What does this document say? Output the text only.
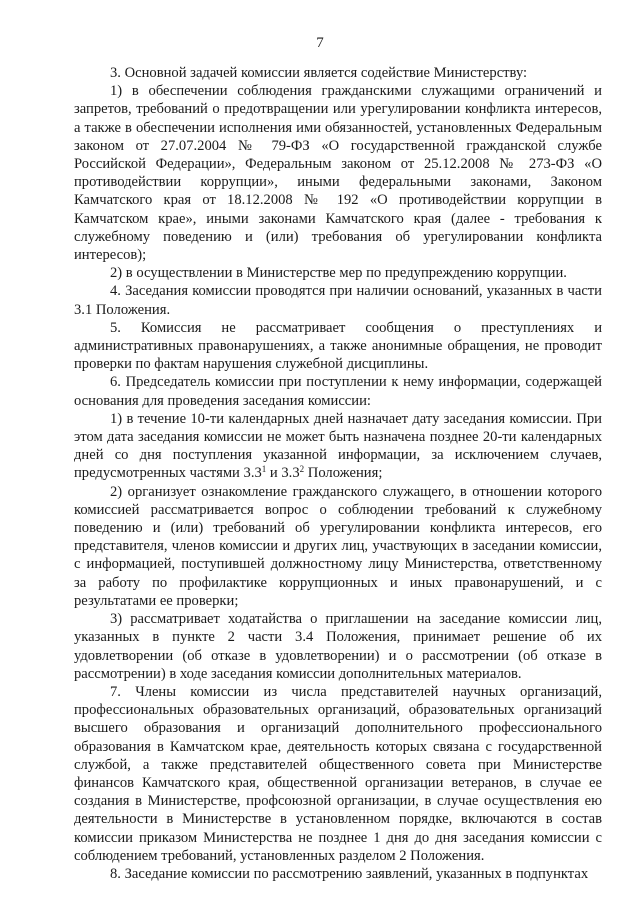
7

3. Основной задачей комиссии является содействие Министерству:

1) в обеспечении соблюдения гражданскими служащими ограничений и запретов, требований о предотвращении или урегулировании конфликта интересов, а также в обеспечении исполнения ими обязанностей, установленных Федеральным законом от 27.07.2004 № 79-ФЗ «О государственной гражданской службе Российской Федерации», Федеральным законом от 25.12.2008 № 273-ФЗ «О противодействии коррупции», иными федеральными законами, Законом Камчатского края от 18.12.2008 № 192 «О противодействии коррупции в Камчатском крае», иными законами Камчатского края (далее - требования к служебному поведению и (или) требования об урегулировании конфликта интересов);

2) в осуществлении в Министерстве мер по предупреждению коррупции.

4. Заседания комиссии проводятся при наличии оснований, указанных в части 3.1 Положения.

5. Комиссия не рассматривает сообщения о преступлениях и административных правонарушениях, а также анонимные обращения, не проводит проверки по фактам нарушения служебной дисциплины.

6. Председатель комиссии при поступлении к нему информации, содержащей основания для проведения заседания комиссии:

1) в течение 10-ти календарных дней назначает дату заседания комиссии. При этом дата заседания комиссии не может быть назначена позднее 20-ти календарных дней со дня поступления указанной информации, за исключением случаев, предусмотренных частями $3.3^1$ и $3.3^2$ Положения;

2) организует ознакомление гражданского служащего, в отношении которого комиссией рассматривается вопрос о соблюдении требований к служебному поведению и (или) требований об урегулировании конфликта интересов, его представителя, членов комиссии и других лиц, участвующих в заседании комиссии, с информацией, поступившей должностному лицу Министерства, ответственному за работу по профилактике коррупционных и иных правонарушений, и с результатами ее проверки;

3) рассматривает ходатайства о приглашении на заседание комиссии лиц, указанных в пункте 2 части 3.4 Положения, принимает решение об их удовлетворении (об отказе в удовлетворении) и о рассмотрении (об отказе в рассмотрении) в ходе заседания комиссии дополнительных материалов.

7. Члены комиссии из числа представителей научных организаций, профессиональных образовательных организаций, образовательных организаций высшего образования и организаций дополнительного профессионального образования в Камчатском крае, деятельность которых связана с государственной службой, а также представителей общественного совета при Министерстве финансов Камчатского края, общественной организации ветеранов, в случае ее создания в Министерстве, профсоюзной организации, в случае осуществления ею деятельности в Министерстве в установленном порядке, включаются в состав комиссии приказом Министерства не позднее 1 дня до дня заседания комиссии с соблюдением требований, установленных разделом 2 Положения.

8. Заседание комиссии по рассмотрению заявлений, указанных в подпунктах
